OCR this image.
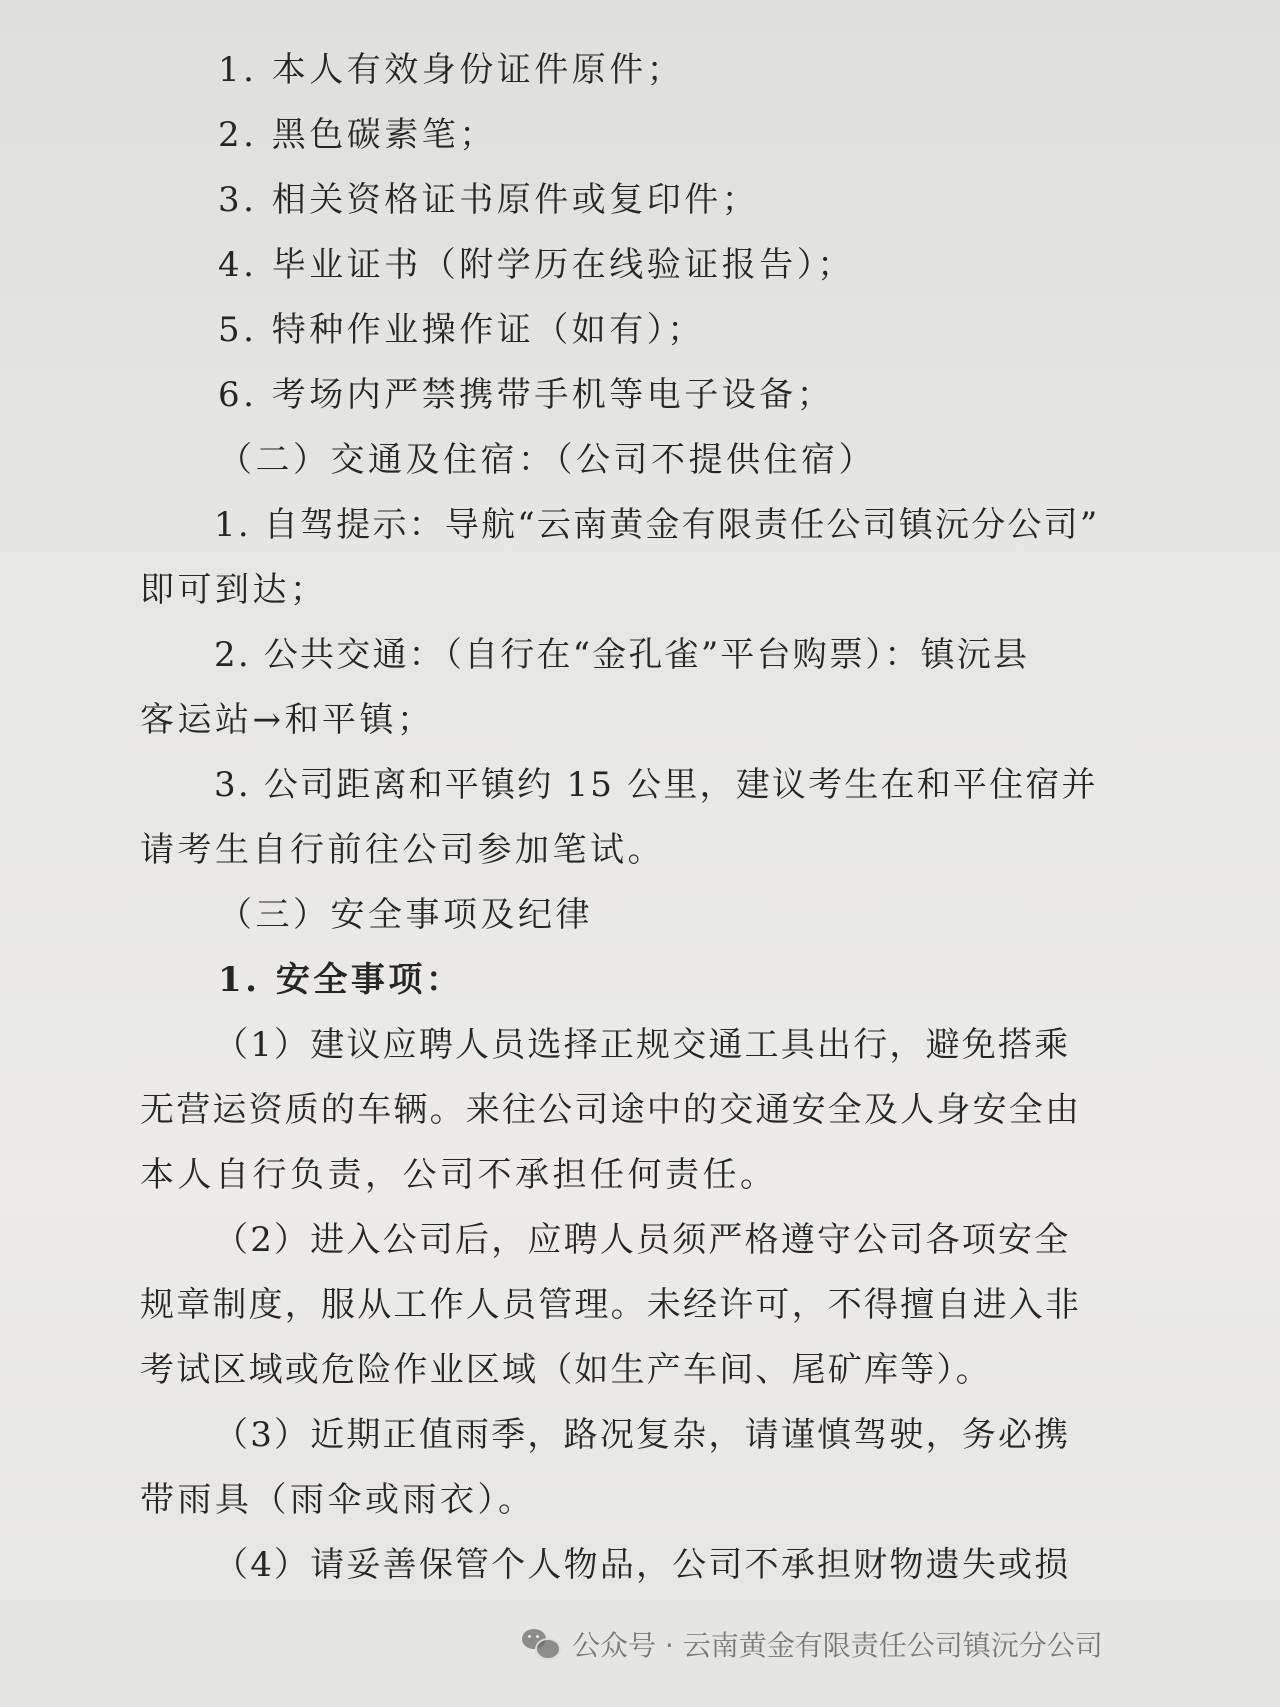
1. 本人有效身份证件原件；
2. 黑色碳素笔；
3. 相关资格证书原件或复印件；
4. 毕业证书（附学历在线验证报告）；
5. 特种作业操作证（如有）；
6. 考场内严禁携带手机等电子设备；
（二）交通及住宿：（公司不提供住宿）
1. 自驾提示：导航“云南黄金有限责任公司镇沅分公司”
即可到达；
2. 公共交通：（自行在“金孔雀”平台购票）：镇沅县
客运站→和平镇；
3. 公司距离和平镇约 15 公里，建议考生在和平住宿并
请考生自行前往公司参加笔试。
（三）安全事项及纪律
1. 安全事项：
（1）建议应聘人员选择正规交通工具出行，避免搭乘
无营运资质的车辆。来往公司途中的交通安全及人身安全由
本人自行负责，公司不承担任何责任。
（2）进入公司后，应聘人员须严格遵守公司各项安全
规章制度，服从工作人员管理。未经许可，不得擅自进入非
考试区域或危险作业区域（如生产车间、尾矿库等）。
（3）近期正值雨季，路况复杂，请谨慎驾驶，务必携
带雨具（雨伞或雨衣）。
（4）请妥善保管个人物品，公司不承担财物遗失或损
公众号 · 云南黄金有限责任公司镇沅分公司
